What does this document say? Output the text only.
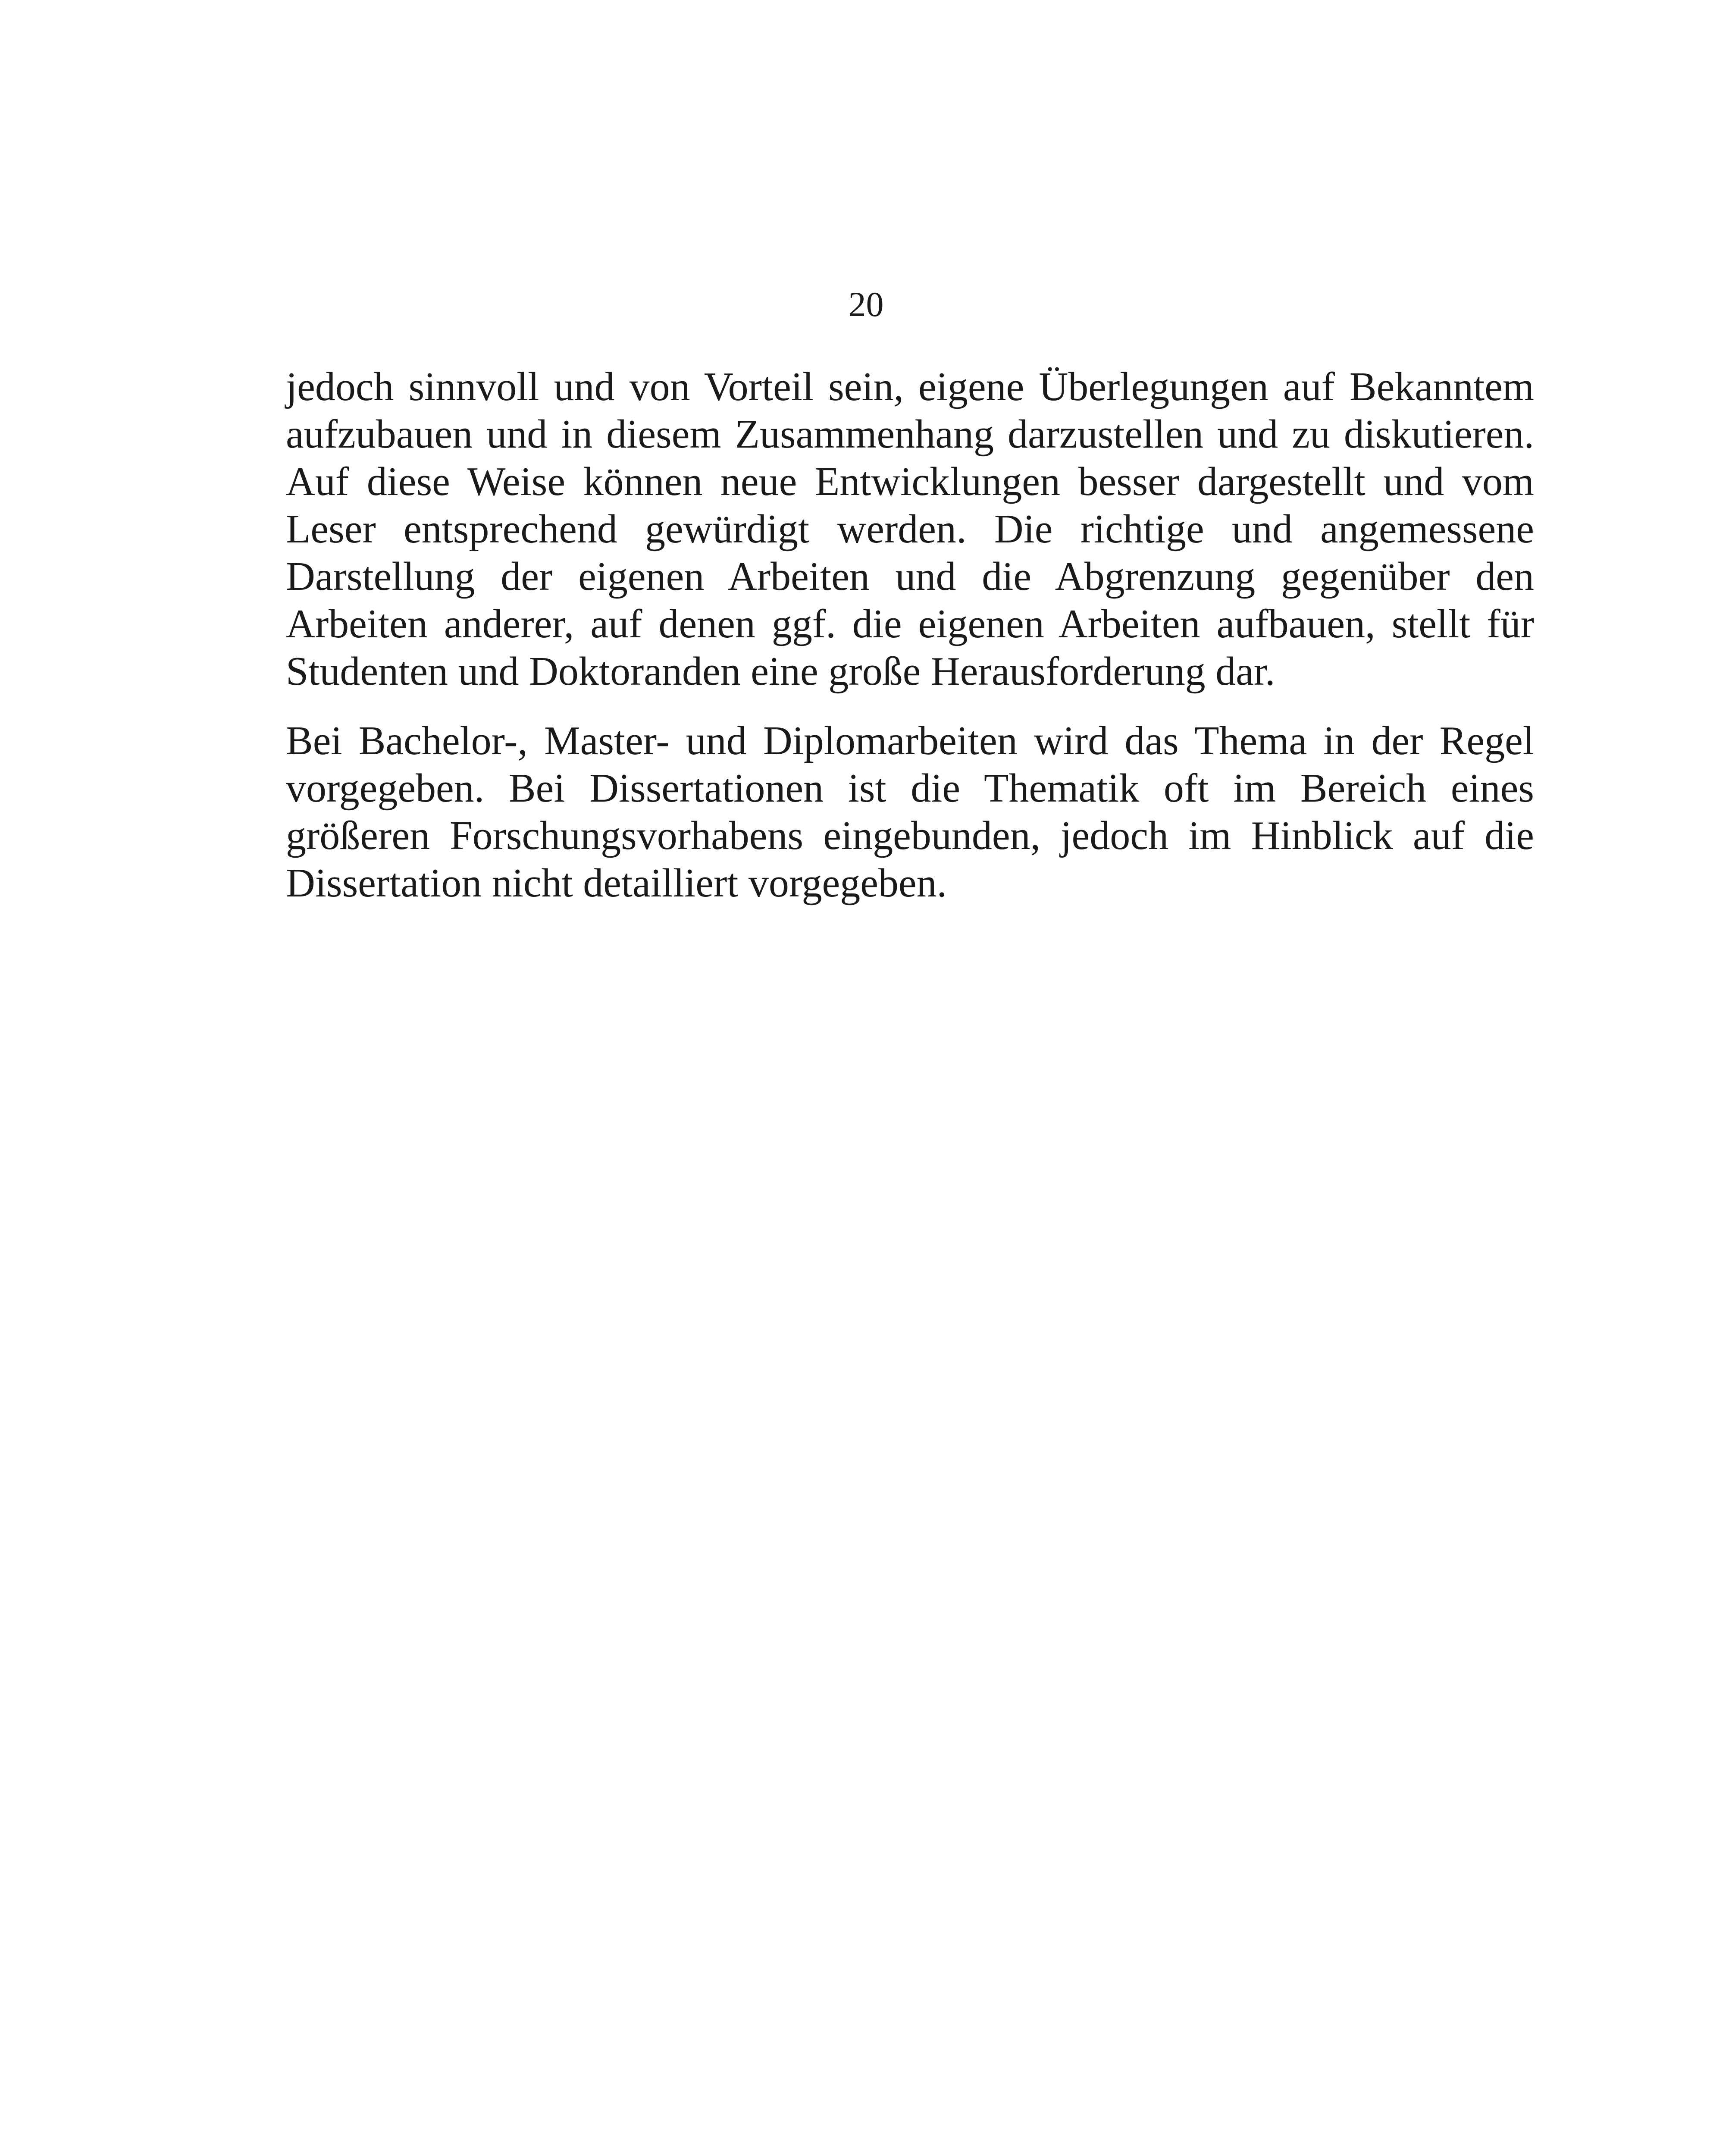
20

jedoch sinnvoll und von Vorteil sein, eigene Überlegungen auf Bekanntem
aufzubauen und in diesem Zusammenhang darzustellen und zu diskutieren.
Auf diese Weise können neue Entwicklungen besser dargestellt und vom
Leser entsprechend gewürdigt werden. Die richtige und angemessene
Darstellung der eigenen Arbeiten und die Abgrenzung gegenüber den
Arbeiten anderer, auf denen ggf. die eigenen Arbeiten aufbauen, stellt für
Studenten und Doktoranden eine große Herausforderung dar.

Bei Bachelor-, Master- und Diplomarbeiten wird das Thema in der Regel
vorgegeben. Bei Dissertationen ist die Thematik oft im Bereich eines
größeren Forschungsvorhabens eingebunden, jedoch im Hinblick auf die
Dissertation nicht detailliert vorgegeben.
